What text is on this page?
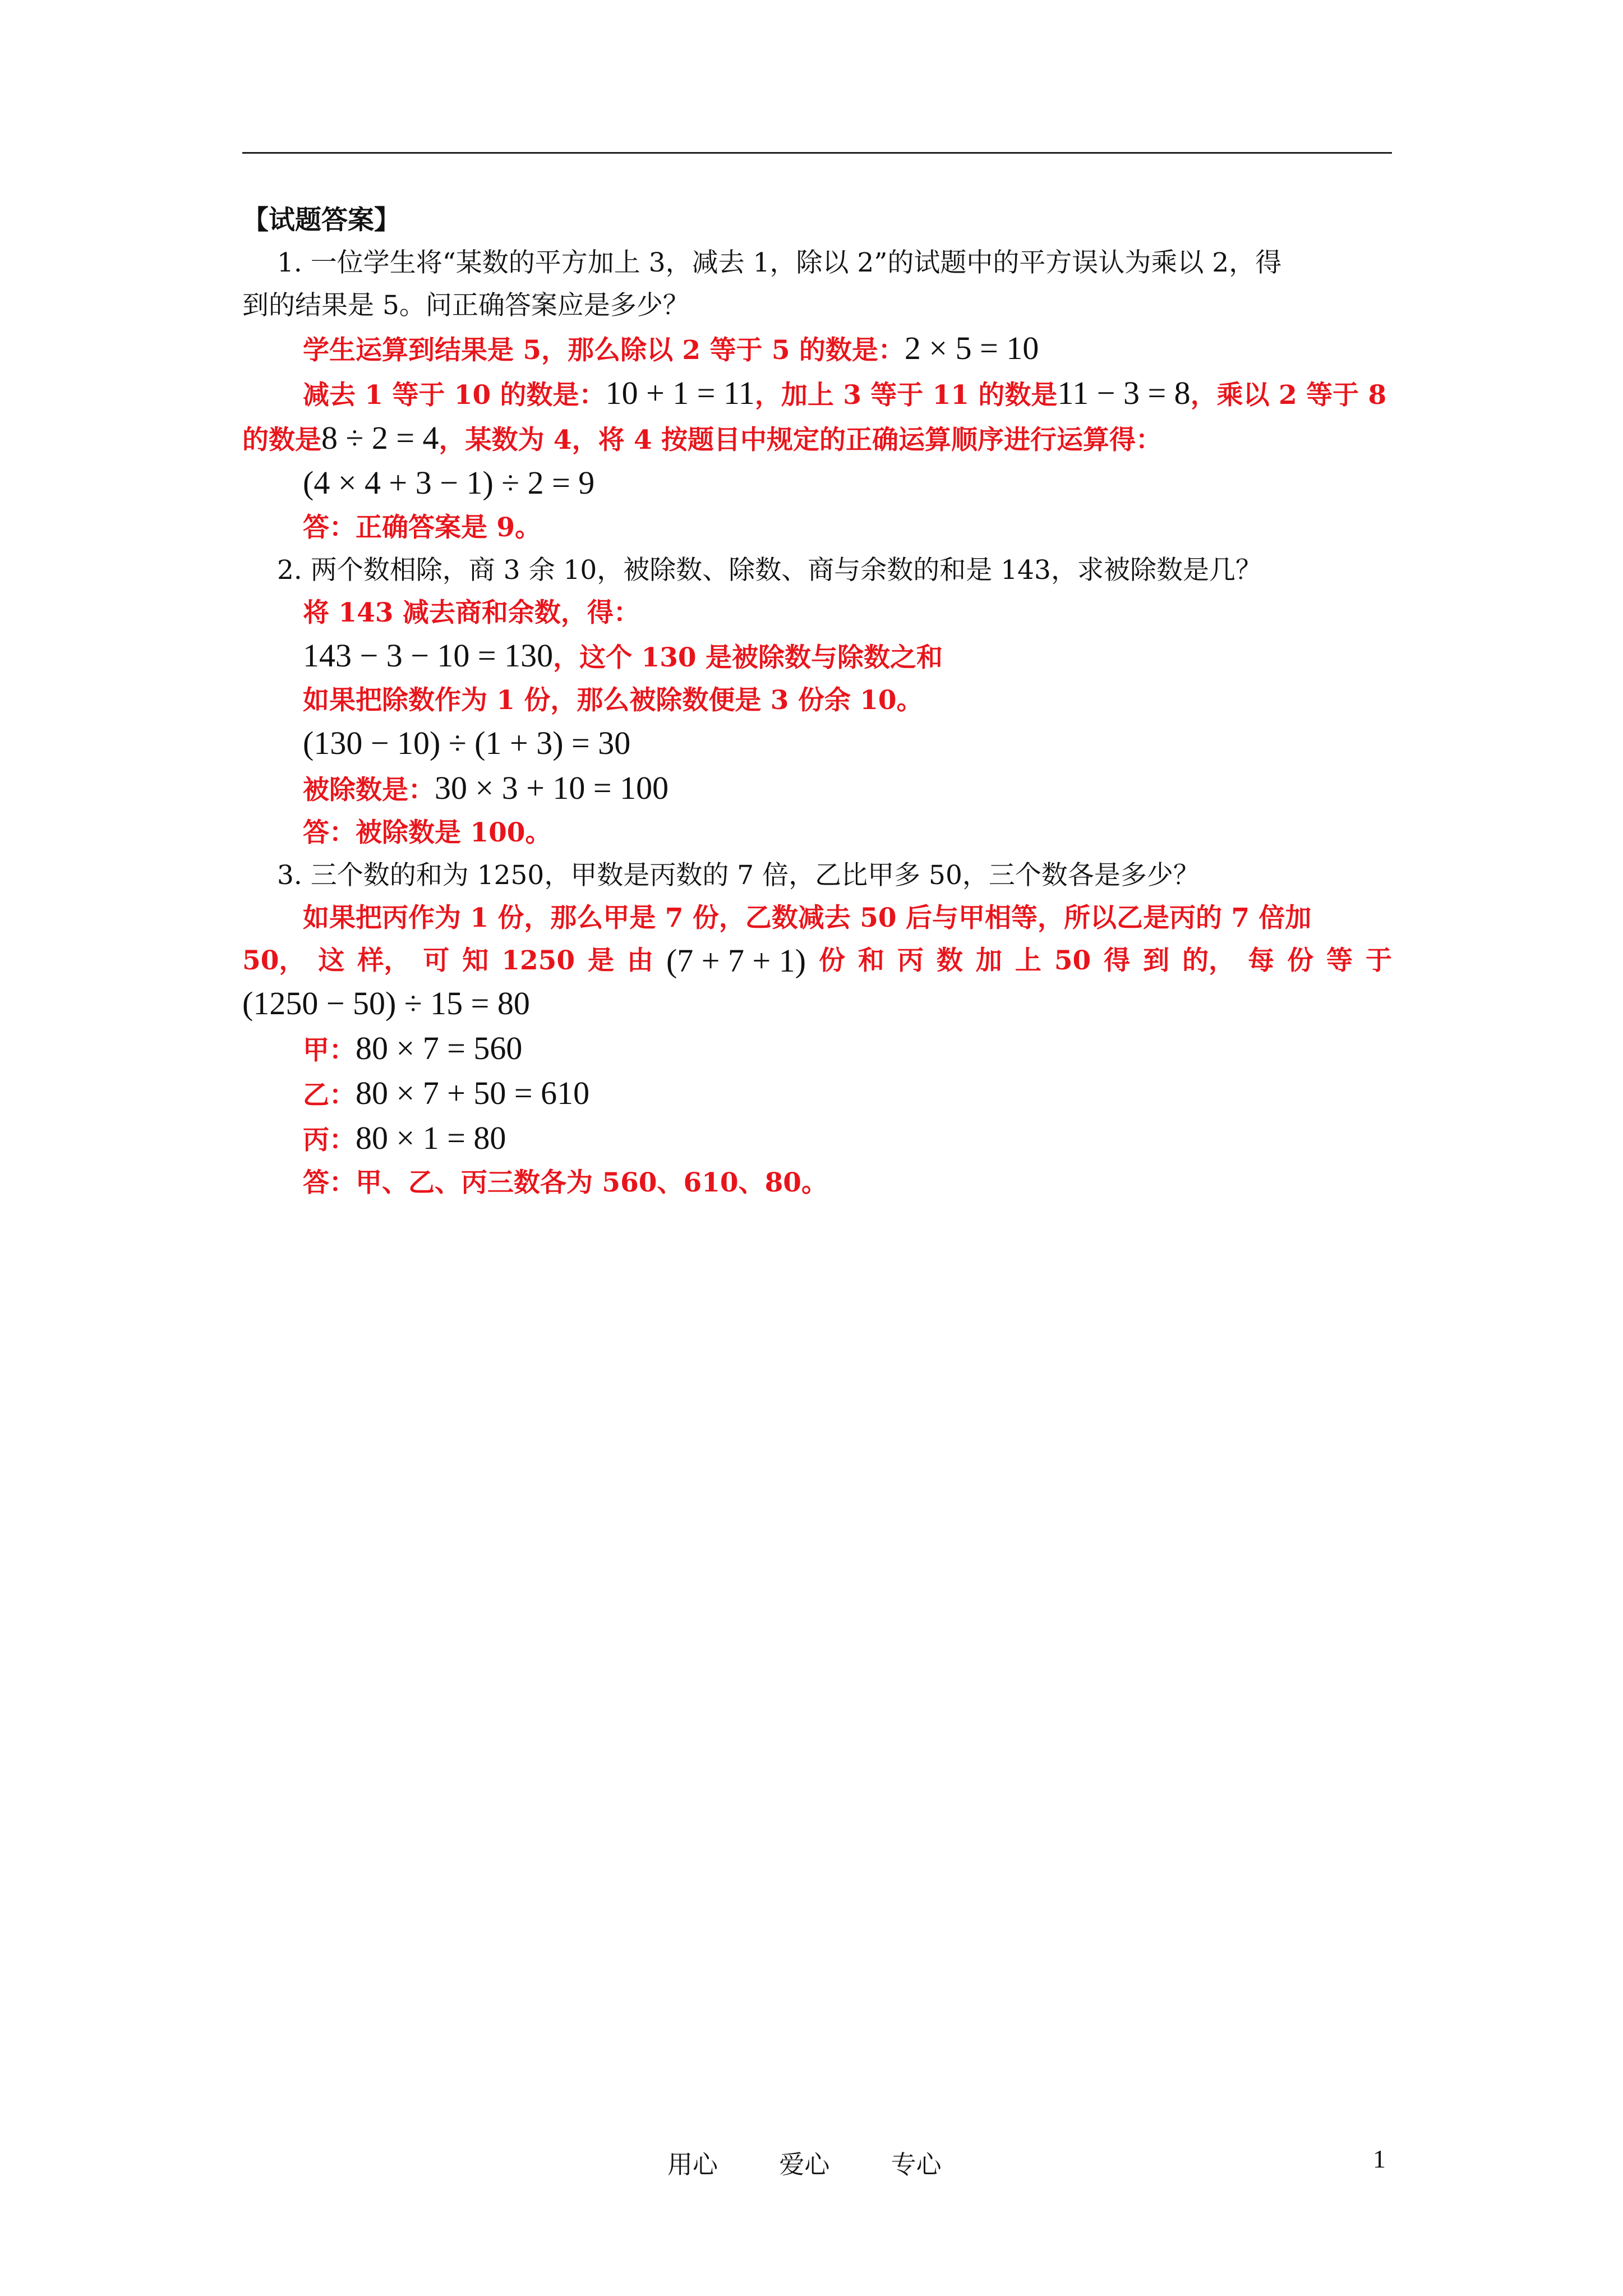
【试题答案】
1. 一位学生将“某数的平方加上 3，减去 1，除以 2”的试题中的平方误认为乘以 2，得
到的结果是 5。问正确答案应是多少？
学生运算到结果是 5，那么除以 2 等于 5 的数是：2 × 5 = 10
减去 1 等于 10 的数是：10 + 1 = 11，加上 3 等于 11 的数是11 − 3 = 8，乘以 2 等于 8
的数是8 ÷ 2 = 4，某数为 4，将 4 按题目中规定的正确运算顺序进行运算得：
(4 × 4 + 3 − 1) ÷ 2 = 9
答：正确答案是 9。
2. 两个数相除，商 3 余 10，被除数、除数、商与余数的和是 143，求被除数是几？
将 143 减去商和余数，得：
143 − 3 − 10 = 130，这个 130 是被除数与除数之和
如果把除数作为 1 份，那么被除数便是 3 份余 10。
(130 − 10) ÷ (1 + 3) = 30
被除数是：30 × 3 + 10 = 100
答：被除数是 100。
3. 三个数的和为 1250，甲数是丙数的 7 倍，乙比甲多 50，三个数各是多少？
如果把丙作为 1 份，那么甲是 7 份，乙数减去 50 后与甲相等，所以乙是丙的 7 倍加
50， 这 样， 可 知 1250 是 由 (7 + 7 + 1) 份 和 丙 数 加 上 50 得 到 的， 每 份 等 于
(1250 − 50) ÷ 15 = 80
甲：80 × 7 = 560
乙：80 × 7 + 50 = 610
丙：80 × 1 = 80
答：甲、乙、丙三数各为 560、610、80。
用心 爱心 专心	1
